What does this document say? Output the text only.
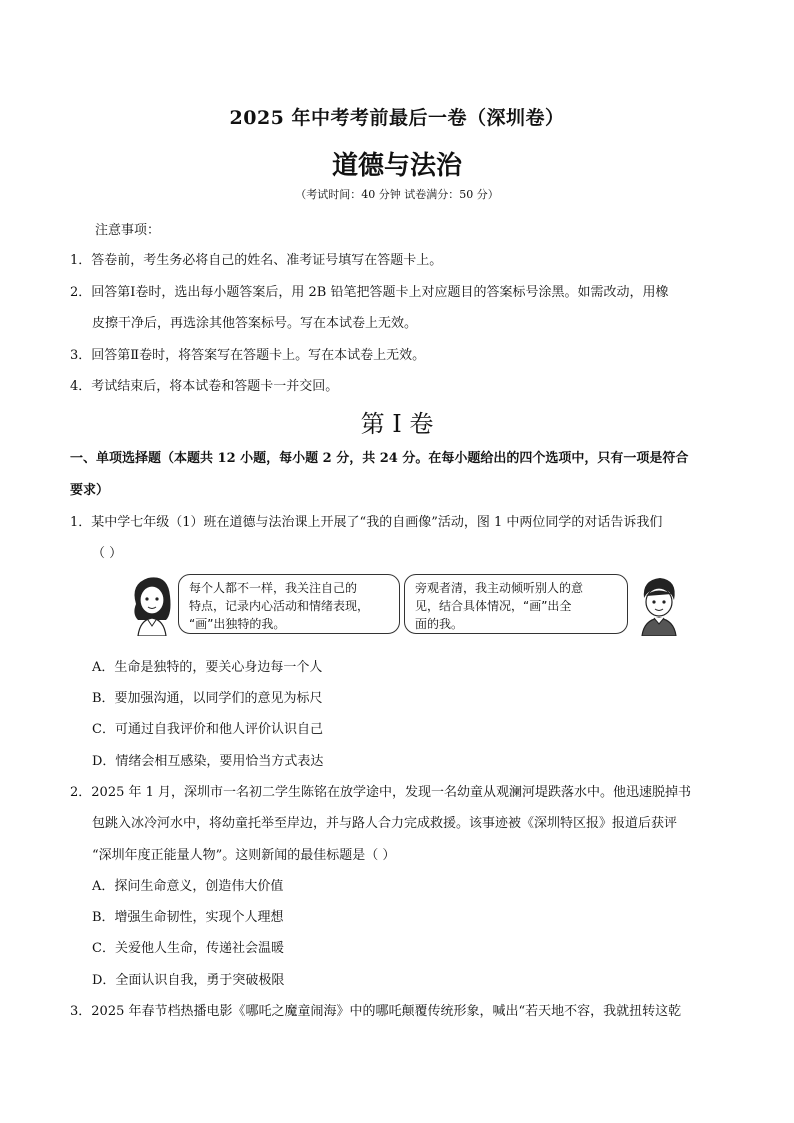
2025 年中考考前最后一卷（深圳卷）
道德与法治
（考试时间：40 分钟 试卷满分：50 分）
注意事项：
1．答卷前，考生务必将自己的姓名、准考证号填写在答题卡上。
2．回答第Ⅰ卷时，选出每小题答案后，用 2B 铅笔把答题卡上对应题目的答案标号涂黑。如需改动，用橡
皮擦干净后，再选涂其他答案标号。写在本试卷上无效。
3．回答第Ⅱ卷时，将答案写在答题卡上。写在本试卷上无效。
4．考试结束后，将本试卷和答题卡一并交回。
第 I 卷
一、单项选择题（本题共 12 小题，每小题 2 分，共 24 分。在每小题给出的四个选项中，只有一项是符合
要求）
1．某中学七年级（1）班在道德与法治课上开展了“我的自画像”活动，图 1 中两位同学的对话告诉我们
（ ）
每个人都不一样，我关注自己的
特点，记录内心活动和情绪表现，
“画”出独特的我。
旁观者清，我主动倾听别人的意
见，结合具体情况，“画”出全
面的我。
A．生命是独特的，要关心身边每一个人
B．要加强沟通，以同学们的意见为标尺
C．可通过自我评价和他人评价认识自己
D．情绪会相互感染，要用恰当方式表达
2．2025 年 1 月，深圳市一名初二学生陈铭在放学途中，发现一名幼童从观澜河堤跌落水中。他迅速脱掉书
包跳入冰冷河水中，将幼童托举至岸边，并与路人合力完成救援。该事迹被《深圳特区报》报道后获评
“深圳年度正能量人物”。这则新闻的最佳标题是（ ）
A．探问生命意义，创造伟大价值
B．增强生命韧性，实现个人理想
C．关爱他人生命，传递社会温暖
D．全面认识自我，勇于突破极限
3．2025 年春节档热播电影《哪吒之魔童闹海》中的哪吒颠覆传统形象，喊出“若天地不容，我就扭转这乾
